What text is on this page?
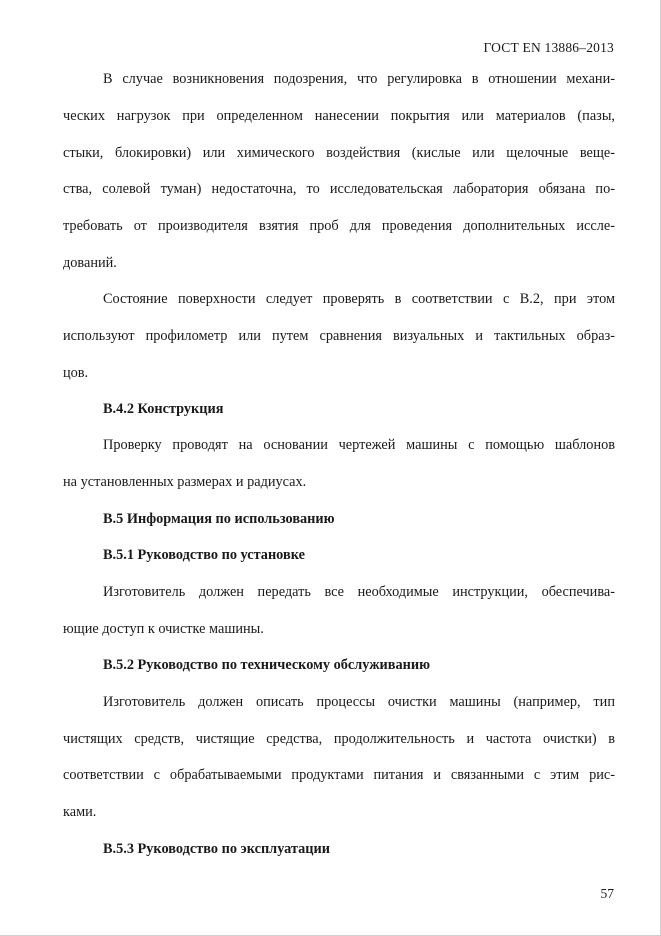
ГОСТ EN 13886–2013
В случае возникновения подозрения, что регулировка в отношении механи-
ческих нагрузок при определенном нанесении покрытия или материалов (пазы,
стыки, блокировки) или химического воздействия (кислые или щелочные веще-
ства, солевой туман) недостаточна, то исследовательская лаборатория обязана по-
требовать от производителя взятия проб для проведения дополнительных иссле-
дований.
Состояние поверхности следует проверять в соответствии с В.2, при этом
используют профилометр или путем сравнения визуальных и тактильных образ-
цов.
В.4.2 Конструкция
Проверку проводят на основании чертежей машины с помощью шаблонов
на установленных размерах и радиусах.
В.5 Информация по использованию
В.5.1 Руководство по установке
Изготовитель должен передать все необходимые инструкции, обеспечива-
ющие доступ к очистке машины.
В.5.2 Руководство по техническому обслуживанию
Изготовитель должен описать процессы очистки машины (например, тип
чистящих средств, чистящие средства, продолжительность и частота очистки) в
соответствии с обрабатываемыми продуктами питания и связанными с этим рис-
ками.
В.5.3 Руководство по эксплуатации
57
